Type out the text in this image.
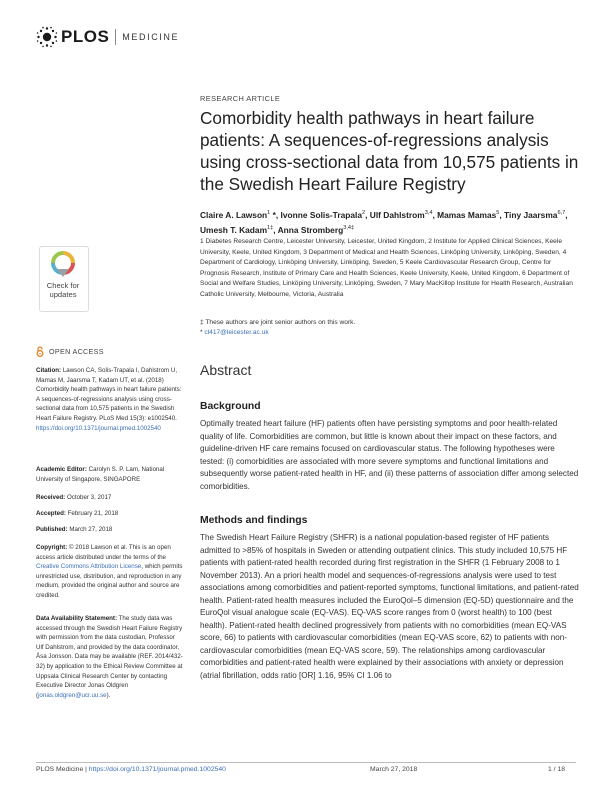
PLOS MEDICINE
Check for
updates
OPEN ACCESS
Citation: Lawson CA, Solis-Trapala I, Dahlstrom U, Mamas M, Jaarsma T, Kadam UT, et al. (2018) Comorbidity health pathways in heart failure patients: A sequences-of-regressions analysis using cross-sectional data from 10,575 patients in the Swedish Heart Failure Registry. PLoS Med 15(3): e1002540. https://doi.org/10.1371/journal.pmed.1002540
Academic Editor: Carolyn S. P. Lam, National University of Singapore, SINGAPORE
Received: October 3, 2017
Accepted: February 21, 2018
Published: March 27, 2018
Copyright: © 2018 Lawson et al. This is an open access article distributed under the terms of the Creative Commons Attribution License, which permits unrestricted use, distribution, and reproduction in any medium, provided the original author and source are credited.
Data Availability Statement: The study data was accessed through the Swedish Heart Failure Registry with permission from the data custodian, Professor Ulf Dahlstrom, and provided by the data coordinator, Åsa Jonsson. Data may be available (REF. 2014/432-32) by application to the Ethical Review Committee at Uppsala Clinical Research Center by contacting Executive Director Jonas Oldgren (jonas.oldgren@ucr.uu.se).
RESEARCH ARTICLE
Comorbidity health pathways in heart failure patients: A sequences-of-regressions analysis using cross-sectional data from 10,575 patients in the Swedish Heart Failure Registry
Claire A. Lawson$^1$ *, Ivonne Solis-Trapala$^2$, Ulf Dahlstrom$^{3,4}$, Mamas Mamas$^5$, Tiny Jaarsma$^{6,7}$, Umesh T. Kadam$^{1\ddagger}$, Anna Stromberg$^{3,4\ddagger}$
1 Diabetes Research Centre, Leicester University, Leicester, United Kingdom, 2 Institute for Applied Clinical Sciences, Keele University, Keele, United Kingdom, 3 Department of Medical and Health Sciences, Linköping University, Linköping, Sweden, 4 Department of Cardiology, Linköping University, Linköping, Sweden, 5 Keele Cardiovascular Research Group, Centre for Prognosis Research, Institute of Primary Care and Health Sciences, Keele University, Keele, United Kingdom, 6 Department of Social and Welfare Studies, Linköping University, Linköping, Sweden, 7 Mary MacKillop Institute for Health Research, Australian Catholic University, Melbourne, Victoria, Australia
‡ These authors are joint senior authors on this work.
* cl417@leicester.ac.uk
Abstract
Background
Optimally treated heart failure (HF) patients often have persisting symptoms and poor health-related quality of life. Comorbidities are common, but little is known about their impact on these factors, and guideline-driven HF care remains focused on cardiovascular status. The following hypotheses were tested: (i) comorbidities are associated with more severe symptoms and functional limitations and subsequently worse patient-rated health in HF, and (ii) these patterns of association differ among selected comorbidities.
Methods and findings
The Swedish Heart Failure Registry (SHFR) is a national population-based register of HF patients admitted to >85% of hospitals in Sweden or attending outpatient clinics. This study included 10,575 HF patients with patient-rated health recorded during first registration in the SHFR (1 February 2008 to 1 November 2013). An a priori health model and sequences-of-regressions analysis were used to test associations among comorbidities and patient-reported symptoms, functional limitations, and patient-rated health. Patient-rated health measures included the EuroQol–5 dimension (EQ-5D) questionnaire and the EuroQol visual analogue scale (EQ-VAS). EQ-VAS score ranges from 0 (worst health) to 100 (best health). Patient-rated health declined progressively from patients with no comorbidities (mean EQ-VAS score, 66) to patients with cardiovascular comorbidities (mean EQ-VAS score, 62) to patients with non-cardiovascular comorbidities (mean EQ-VAS score, 59). The relationships among cardiovascular comorbidities and patient-rated health were explained by their associations with anxiety or depression (atrial fibrillation, odds ratio [OR] 1.16, 95% CI 1.06 to
PLOS Medicine | https://doi.org/10.1371/journal.pmed.1002540	March 27, 2018	1 / 18
